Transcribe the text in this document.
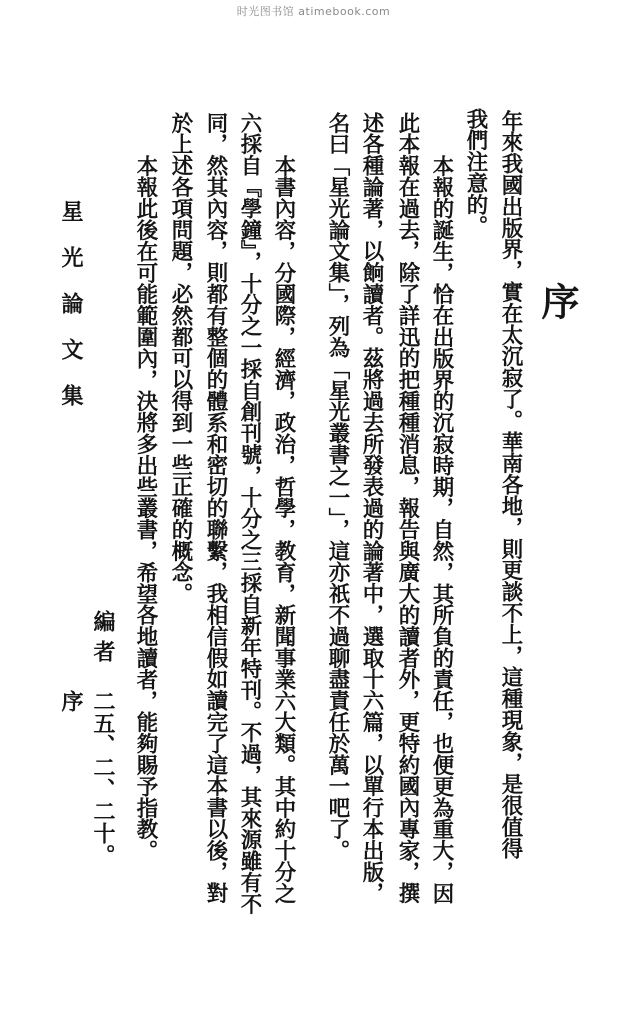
时光图书馆 atimebook.com
序
年來我國出版界，實在太沉寂了。華南各地，則更談不上，這種現象，是很值得
我們注意的。
本報的誕生，恰在出版界的沉寂時期，自然，其所負的責任，也便更為重大，因
此本報在過去，除了詳迅的把種種消息，報告與廣大的讀者外，更特約國內專家，撰
述各種論著，以餉讀者。茲將過去所發表過的論著中，選取十六篇，以單行本出版，
名曰「星光論文集」，列為「星光叢書之一」，這亦祇不過聊盡責任於萬一吧了。
本書內容，分國際，經濟，政治，哲學，教育，新聞事業六大類。其中約十分之
六採自『學鐘』，十分之一採自創刊號，十分之三採自新年特刊。不過，其來源雖有不
同，然其內容，則都有整個的體系和密切的聯繫，我相信假如讀完了這本書以後，對
於上述各項問題，必然都可以得到一些正確的概念。
本報此後在可能範圍內，決將多出些叢書，希望各地讀者，能夠賜予指教。
編者
二五、二、二十。
星光論文集
序
